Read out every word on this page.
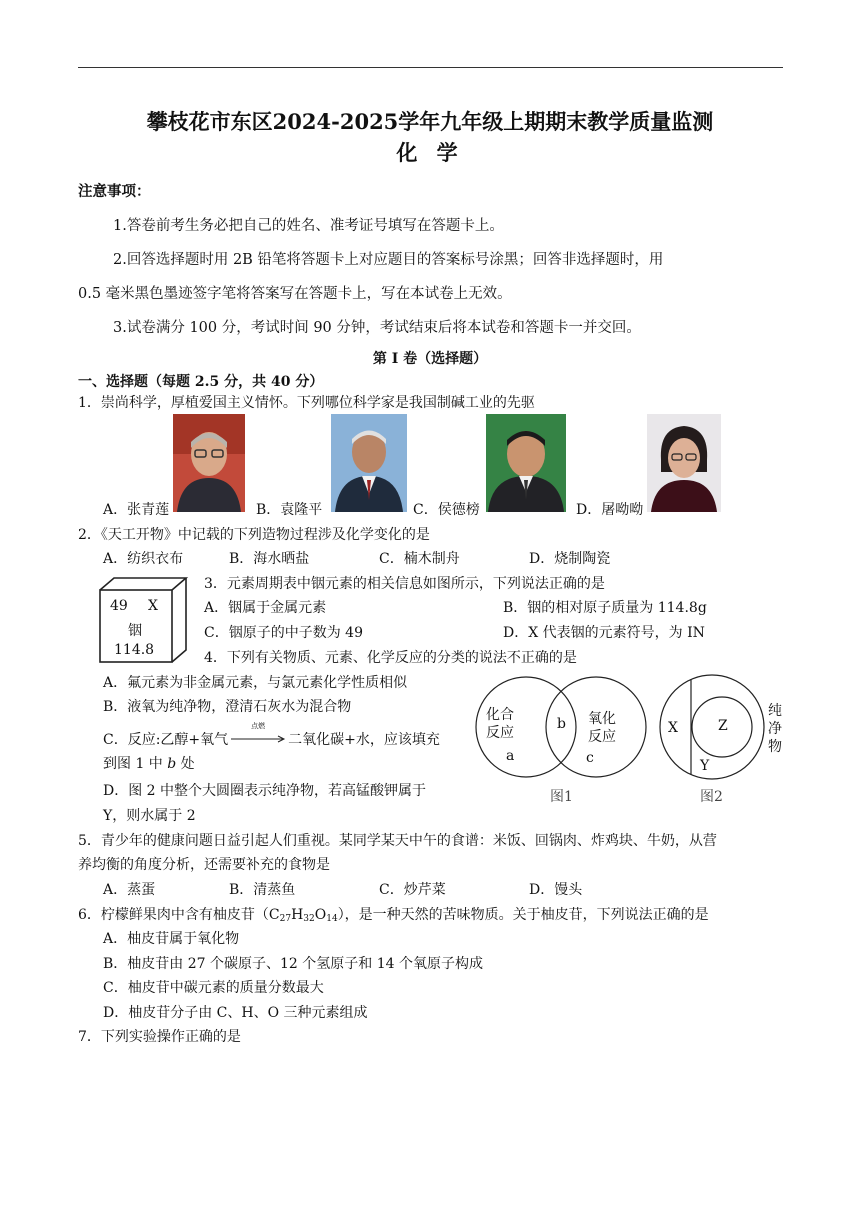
攀枝花市东区2024-2025学年九年级上期期末教学质量监测
化 学
注意事项：
1.答卷前考生务必把自己的姓名、准考证号填写在答题卡上。
2.回答选择题时用 2B 铅笔将答题卡上对应题目的答案标号涂黑；回答非选择题时，用
0.5 毫米黑色墨迹签字笔将答案写在答题卡上，写在本试卷上无效。
3.试卷满分 100 分，考试时间 90 分钟，考试结束后将本试卷和答题卡一并交回。
第 I 卷（选择题）
一、选择题（每题 2.5 分，共 40 分）
1．崇尚科学，厚植爱国主义情怀。下列哪位科学家是我国制碱工业的先驱
A．张青莲	B．袁隆平	C．侯德榜	D．屠呦呦
2．《天工开物》中记载的下列造物过程涉及化学变化的是
A．纺织衣布	B．海水晒盐	C．楠木制舟	D．烧制陶瓷
49 X
铟
114.8
3．元素周期表中铟元素的相关信息如图所示，下列说法正确的是
A．铟属于金属元素	B．铟的相对原子质量为 114.8g
C．铟原子的中子数为 49	D．X 代表铟的元素符号，为 IN
4．下列有关物质、元素、化学反应的分类的说法不正确的是
A．氟元素为非金属元素，与氯元素化学性质相似
B．液氧为纯净物，澄清石灰水为混合物
C．反应:乙醇+氧气
点燃
二氧化碳+水，应该填充
到图 1 中 b 处
D．图 2 中整个大圆圈表示纯净物，若高锰酸钾属于
Y，则水属于 2
化合
反应
氧化
反应
a
b
c
图1
X	Z
Y
纯
净
物
图2
5．青少年的健康问题日益引起人们重视。某同学某天中午的食谱：米饭、回锅肉、炸鸡块、牛奶，从营
养均衡的角度分析，还需要补充的食物是
A．蒸蛋	B．清蒸鱼	C．炒芹菜	D．馒头
6．柠檬鲜果肉中含有柚皮苷$(C_{27}H_{32}O_{14})$，是一种天然的苦味物质。关于柚皮苷，下列说法正确的是
A．柚皮苷属于氧化物
B．柚皮苷由 27 个碳原子、12 个氢原子和 14 个氧原子构成
C．柚皮苷中碳元素的质量分数最大
D．柚皮苷分子由 C、H、O 三种元素组成
7．下列实验操作正确的是
